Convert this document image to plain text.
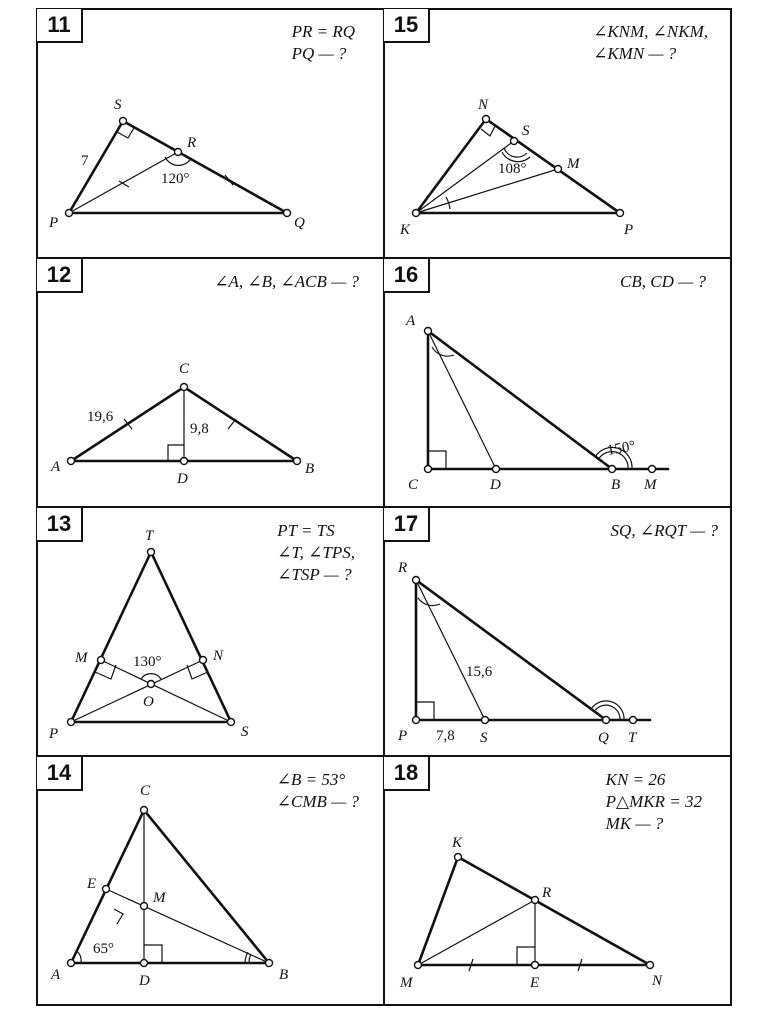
11	PR = RQ
PQ — ?
S
R
P	Q
7
120°
15	∠KNM, ∠NKM,
∠KMN — ?
N
S
M
K	P
108°
12	∠A, ∠B, ∠ACB — ?
C
A	B
D
19,6
9,8
16	CB, CD — ?
A
C	D	B M
150°
13	PT = TS
∠T, ∠TPS,
∠TSP — ?
T
M	N
O
P	S
130°
17	SQ, ∠RQT — ?
R
P	S	Q T
15,6
7,8
14	∠B = 53°
∠CMB — ?
C
E
M
A	D	B
65°
18	KN = 26
P△MKR = 32
MK — ?
K
R
M	E	N
